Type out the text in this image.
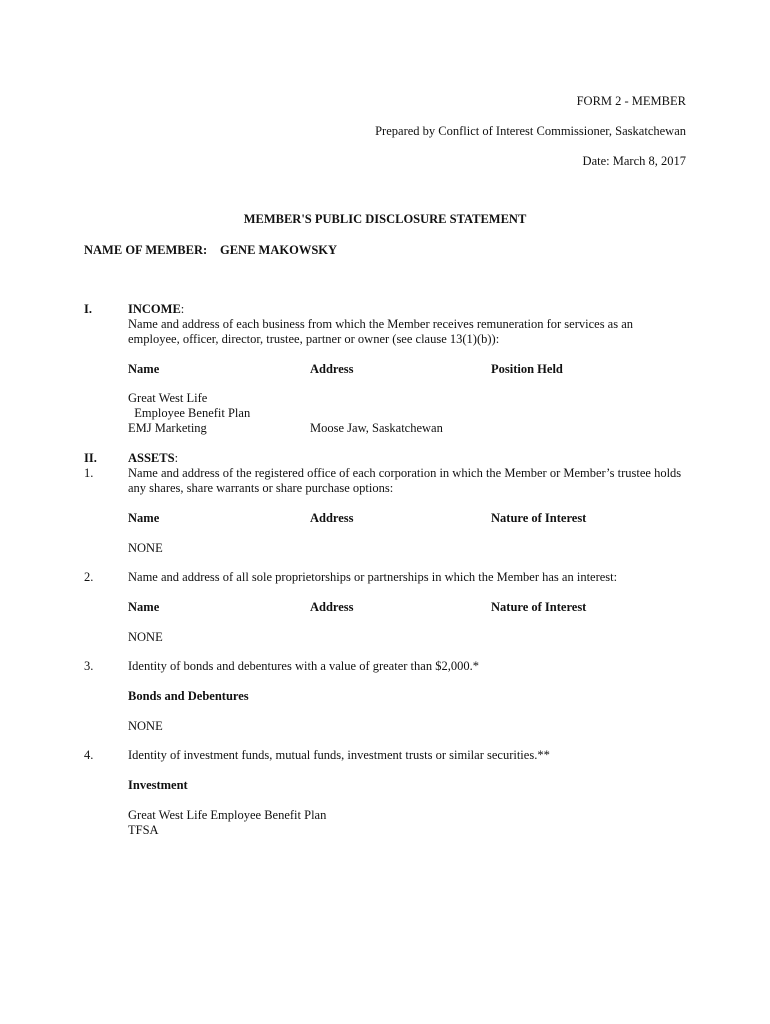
FORM 2 - MEMBER
Prepared by Conflict of Interest Commissioner, Saskatchewan
Date: March 8, 2017
MEMBER'S PUBLIC DISCLOSURE STATEMENT
NAME OF MEMBER: GENE MAKOWSKY
I.	INCOME:
Name and address of each business from which the Member receives remuneration for services as an
employee, officer, director, trustee, partner or owner (see clause 13(1)(b)):
Name	Address	Position Held
Great West Life
Employee Benefit Plan
EMJ Marketing	Moose Jaw, Saskatchewan
II. ASSETS:
1.	Name and address of the registered office of each corporation in which the Member or Member’s trustee holds
any shares, share warrants or share purchase options:
Name	Address	Nature of Interest
NONE
2.	Name and address of all sole proprietorships or partnerships in which the Member has an interest:
Name	Address	Nature of Interest
NONE
3.	Identity of bonds and debentures with a value of greater than $2,000.*
Bonds and Debentures
NONE
4.	Identity of investment funds, mutual funds, investment trusts or similar securities.**
Investment
Great West Life Employee Benefit Plan
TFSA
